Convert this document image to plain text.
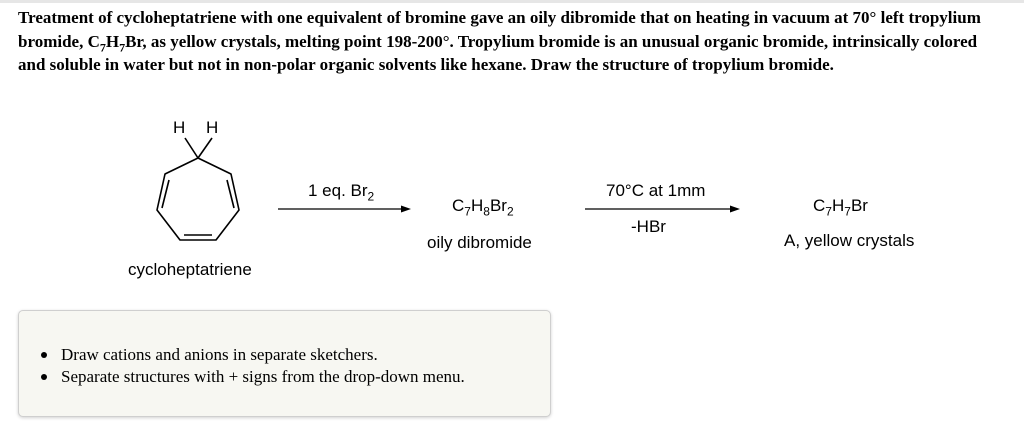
Treatment of cycloheptatriene with one equivalent of bromine gave an oily dibromide that on heating in vacuum at 70° left tropylium bromide, $C_7H_7Br$, as yellow crystals, melting point 198-200°. Tropylium bromide is an unusual organic bromide, intrinsically colored and soluble in water but not in non-polar organic solvents like hexane. Draw the structure of tropylium bromide.
H H
cycloheptatriene
1 eq. $Br_2$	$C_7H_8Br_2$
oily dibromide
70°C at 1mm
-HBr
$C_7H_7Br$
A, yellow crystals
Draw cations and anions in separate sketchers.
Separate structures with + signs from the drop-down menu.
